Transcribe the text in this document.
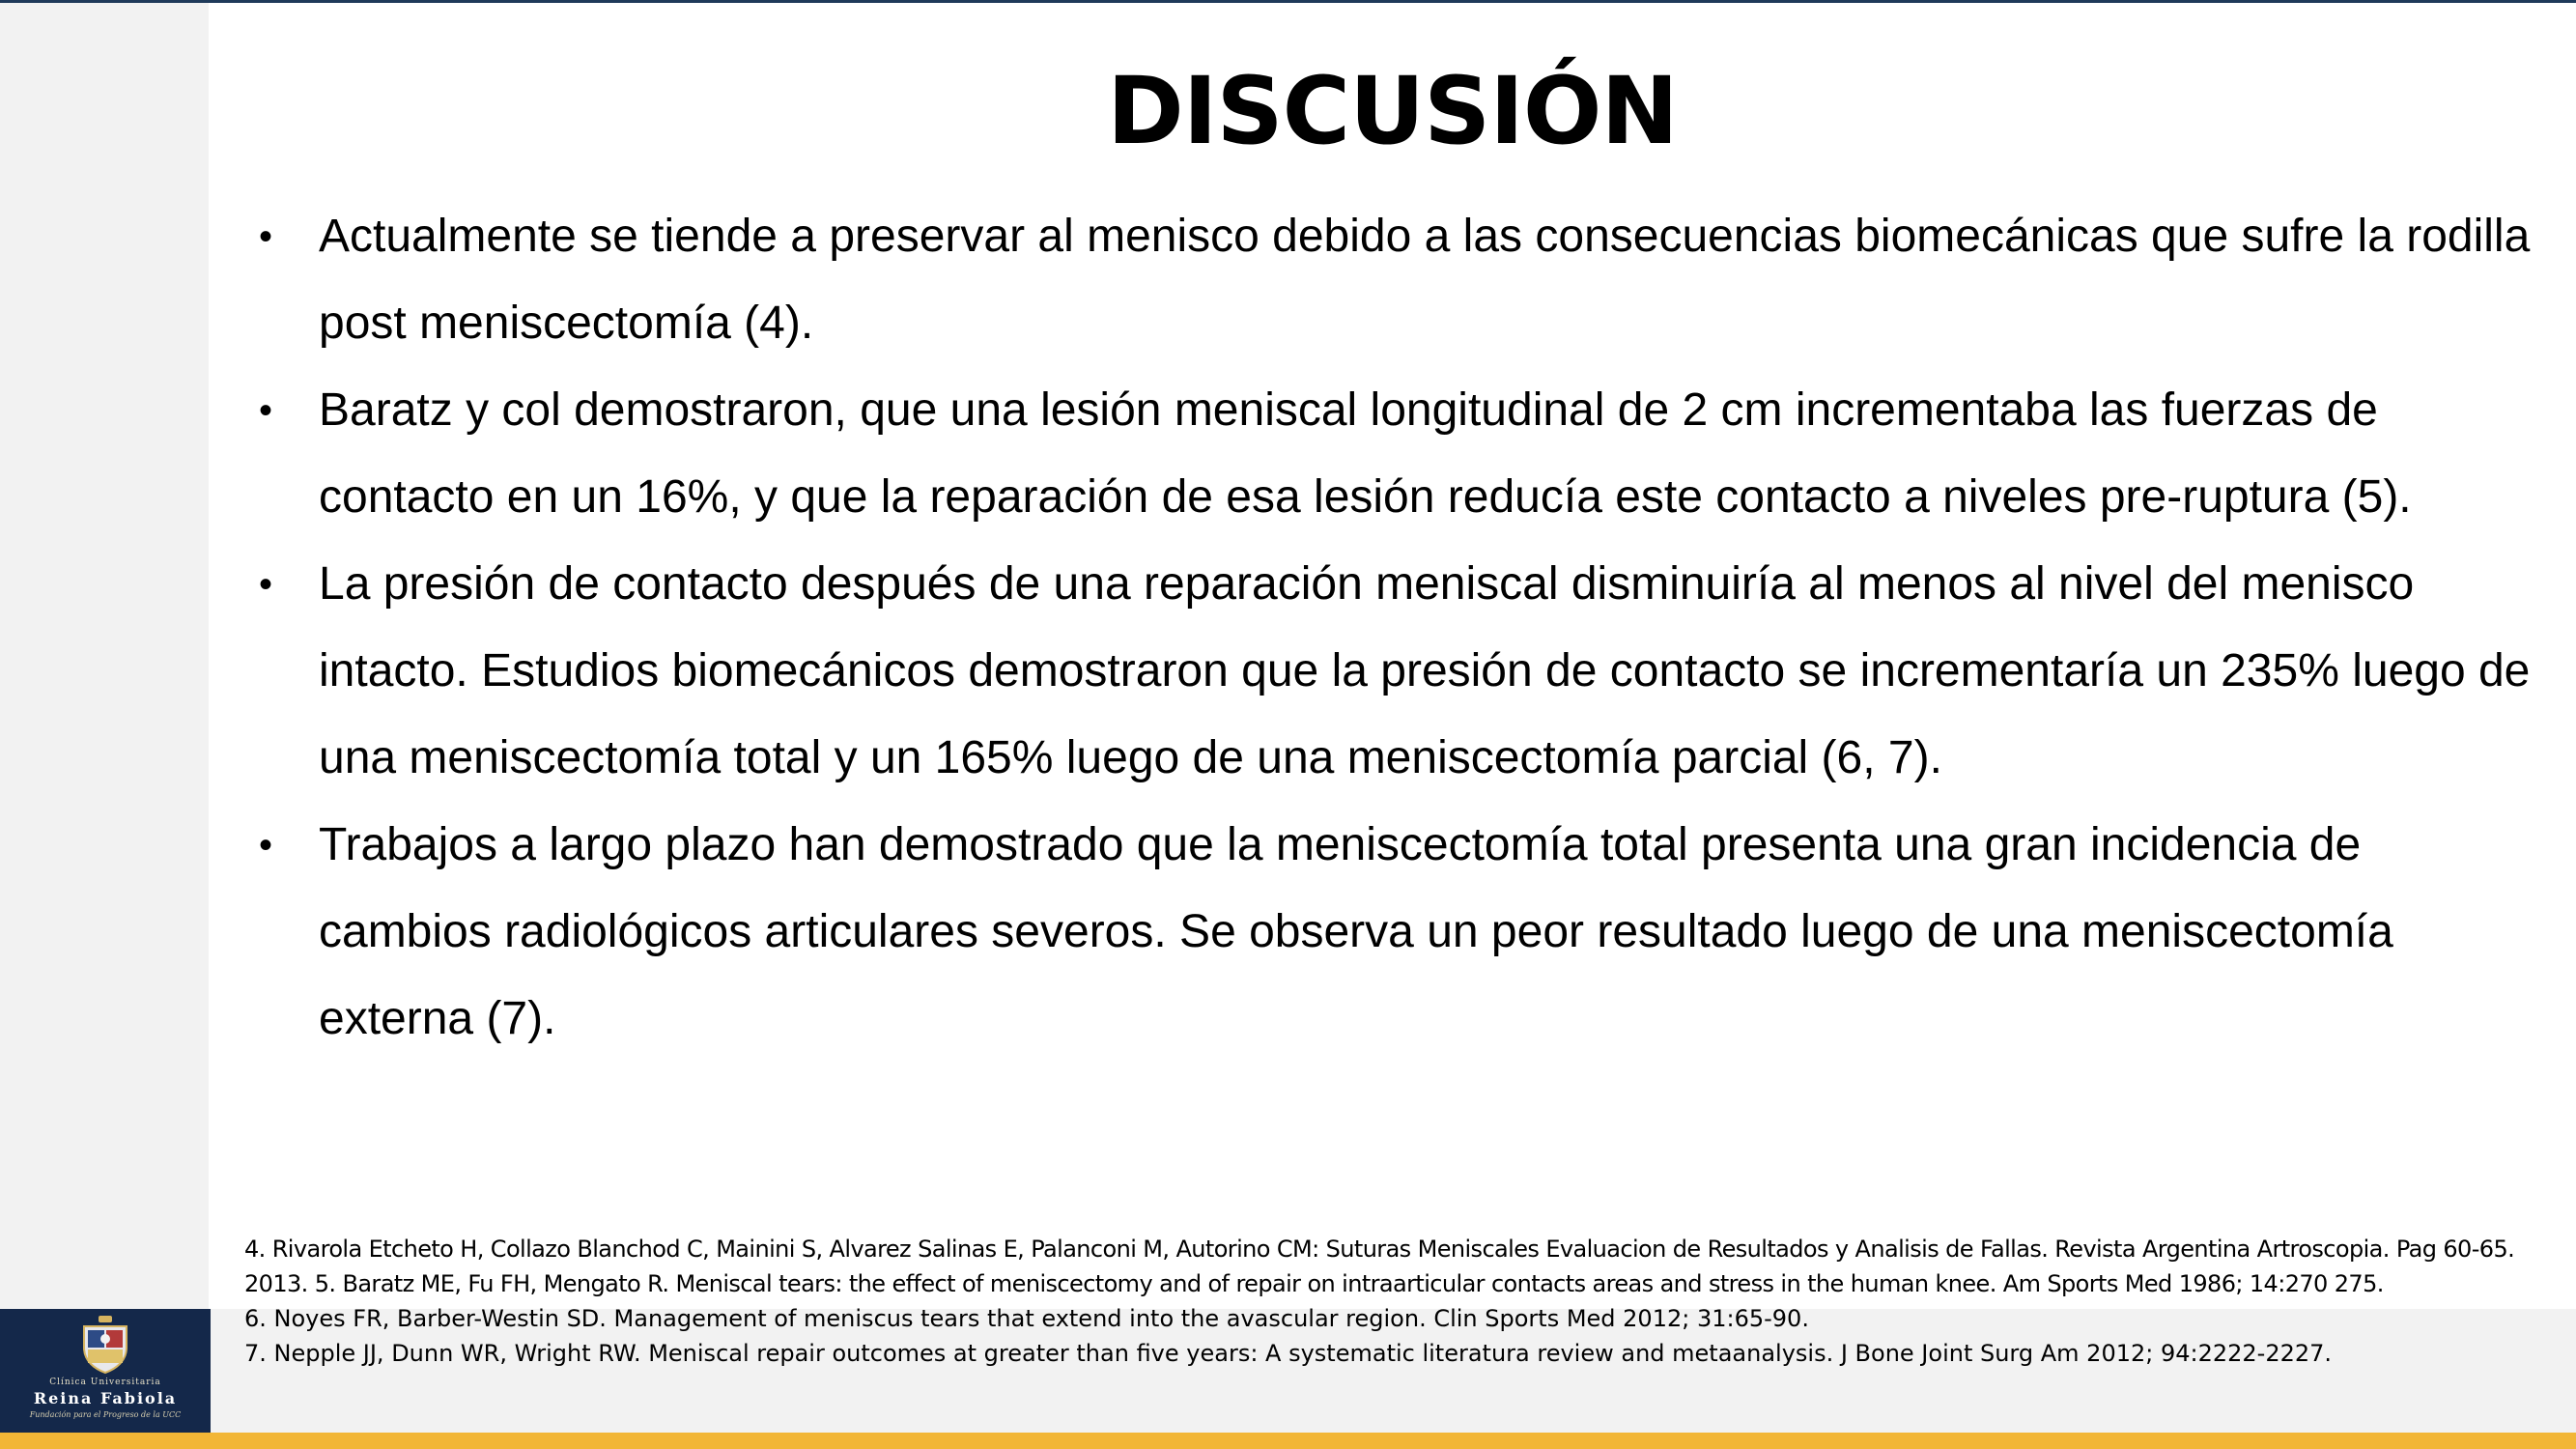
Clínica Universitaria
Reina Fabiola
Fundación para el Progreso de la UCC
DISCUSIÓN
• Actualmente se tiende a preservar al menisco debido a las consecuencias biomecánicas que sufre la rodilla post meniscectomía (4).
• Baratz y col demostraron, que una lesión meniscal longitudinal de 2 cm incrementaba las fuerzas de contacto en un 16%, y que la reparación de esa lesión reducía este contacto a niveles pre-ruptura (5).
• La presión de contacto después de una reparación meniscal disminuiría al menos al nivel del menisco intacto. Estudios biomecánicos demostraron que la presión de contacto se incrementaría un 235% luego de una meniscectomía total y un 165% luego de una meniscectomía parcial (6, 7).
• Trabajos a largo plazo han demostrado que la meniscectomía total presenta una gran incidencia de cambios radiológicos articulares severos. Se observa un peor resultado luego de una meniscectomía externa (7).

4. Rivarola Etcheto H, Collazo Blanchod C, Mainini S, Alvarez Salinas E, Palanconi M, Autorino CM: Suturas Meniscales Evaluacion de Resultados y Analisis de Fallas. Revista Argentina Artroscopia. Pag 60-65. 2013. 5. Baratz ME, Fu FH, Mengato R. Meniscal tears: the effect of meniscectomy and of repair on intraarticular contacts areas and stress in the human knee. Am Sports Med 1986; 14:270 275.

6. Noyes FR, Barber-Westin SD. Management of meniscus tears that extend into the avascular region. Clin Sports Med 2012; 31:65-90.

7. Nepple JJ, Dunn WR, Wright RW. Meniscal repair outcomes at greater than five years: A systematic literatura review and metaanalysis. J Bone Joint Surg Am 2012; 94:2222-2227.
